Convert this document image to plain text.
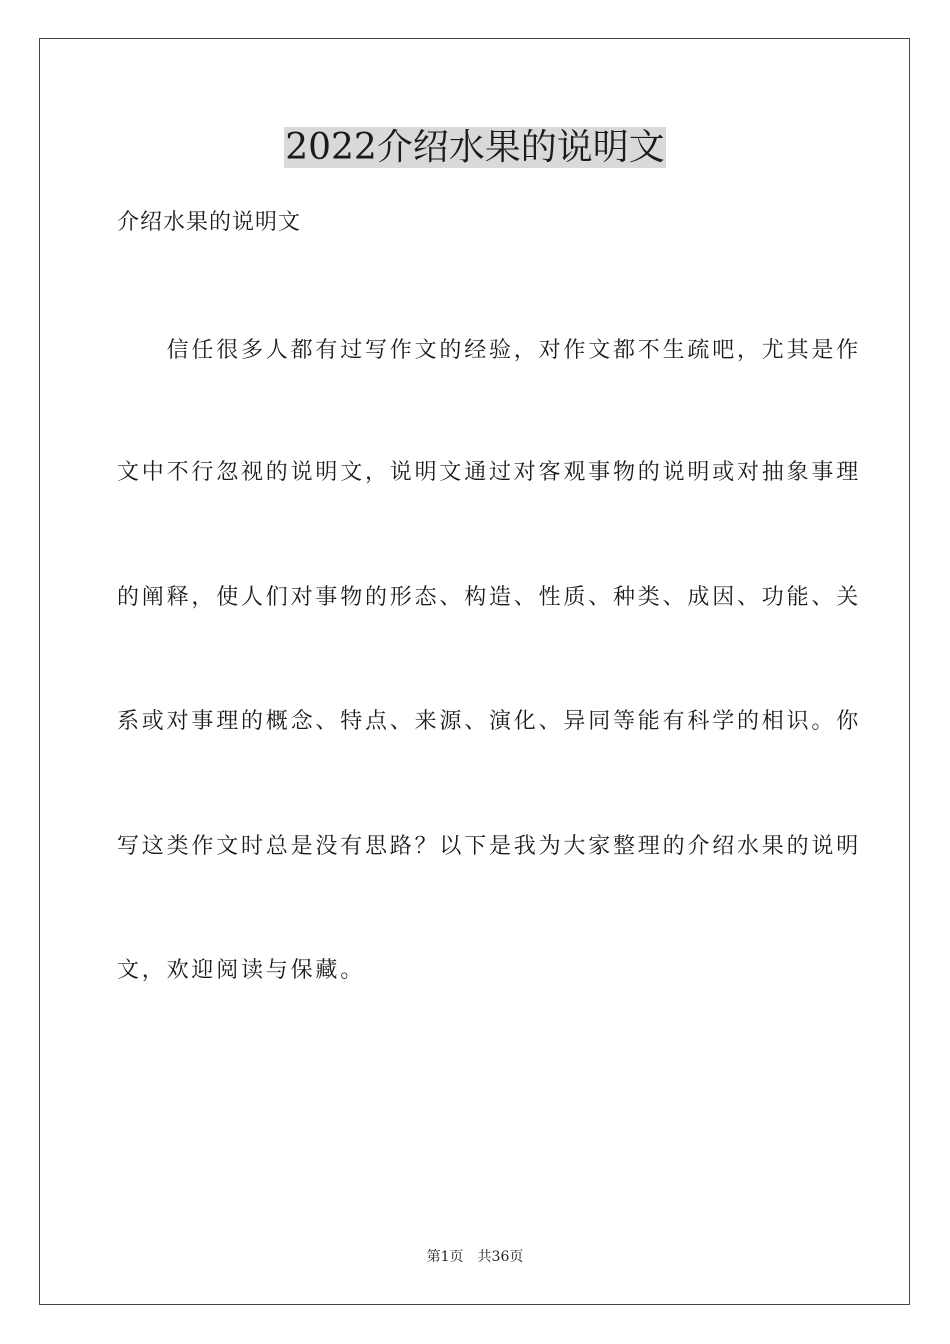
2022介绍水果的说明文
介绍水果的说明文
　　信任很多人都有过写作文的经验，对作文都不生疏吧，尤其是作
文中不行忽视的说明文，说明文通过对客观事物的说明或对抽象事理
的阐释，使人们对事物的形态、构造、性质、种类、成因、功能、关
系或对事理的概念、特点、来源、演化、异同等能有科学的相识。你
写这类作文时总是没有思路？以下是我为大家整理的介绍水果的说明
文，欢迎阅读与保藏。
第1页　共36页
